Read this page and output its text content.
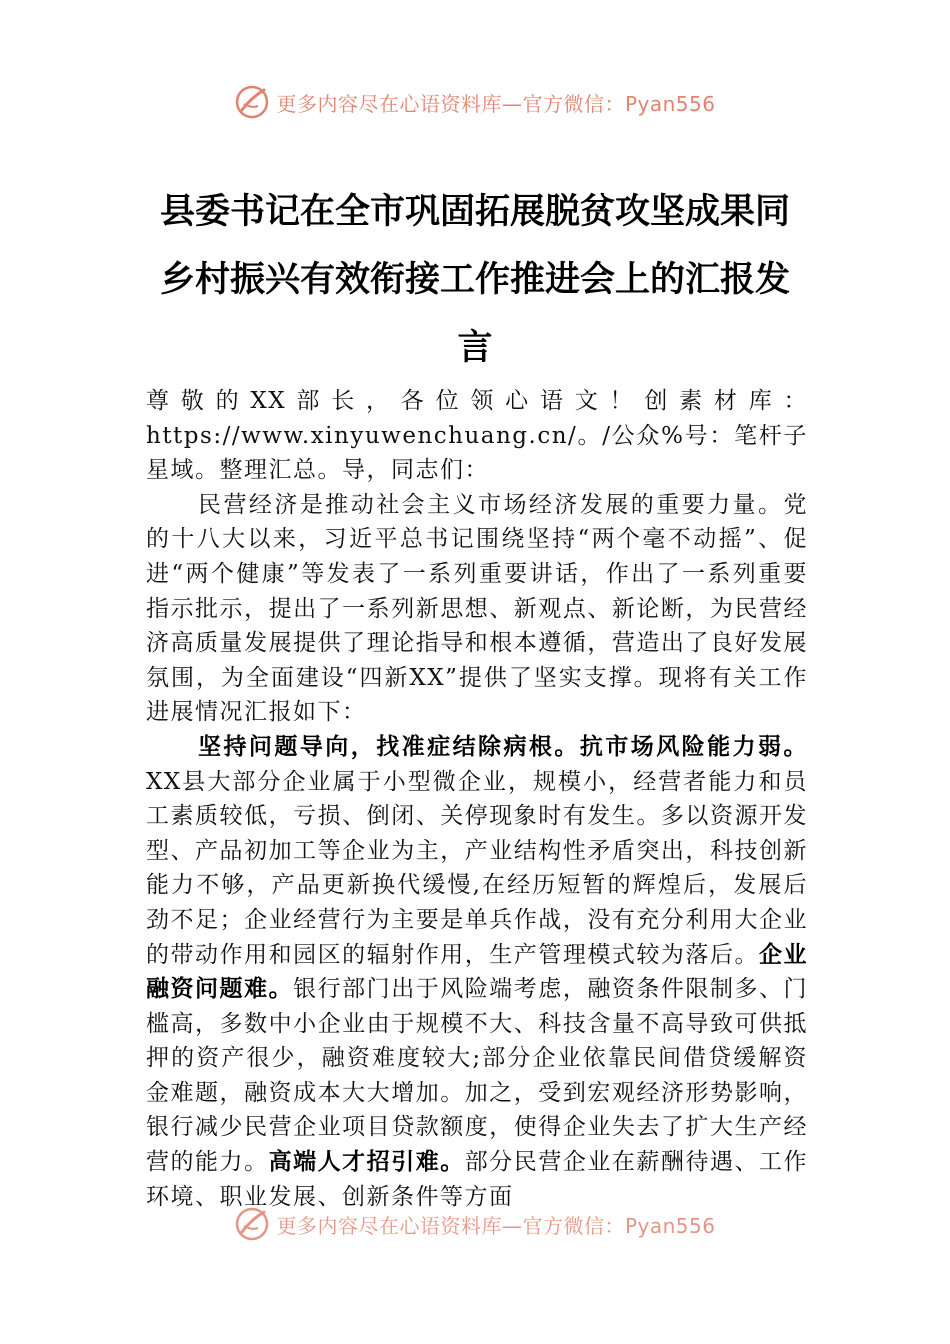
更多内容尽在心语资料库—官方微信：Pyan556
县委书记在全市巩固拓展脱贫攻坚成果同
乡村振兴有效衔接工作推进会上的汇报发
言

尊敬的XX部长，各位领心语文！创素材库：https://www.xinyuwenchuang.cn/。/公众%号：笔杆子星域。整理汇总。导，同志们：

民营经济是推动社会主义市场经济发展的重要力量。党的十八大以来，习近平总书记围绕坚持“两个毫不动摇”、促进“两个健康”等发表了一系列重要讲话，作出了一系列重要指示批示，提出了一系列新思想、新观点、新论断，为民营经济高质量发展提供了理论指导和根本遵循，营造出了良好发展氛围，为全面建设“四新XX”提供了坚实支撑。现将有关工作进展情况汇报如下：

坚持问题导向，找准症结除病根。抗市场风险能力弱。XX县大部分企业属于小型微企业，规模小，经营者能力和员工素质较低，亏损、倒闭、关停现象时有发生。多以资源开发型、产品初加工等企业为主，产业结构性矛盾突出，科技创新能力不够，产品更新换代缓慢,在经历短暂的辉煌后，发展后劲不足；企业经营行为主要是单兵作战，没有充分利用大企业的带动作用和园区的辐射作用，生产管理模式较为落后。企业融资问题难。银行部门出于风险端考虑，融资条件限制多、门槛高，多数中小企业由于规模不大、科技含量不高导致可供抵押的资产很少，融资难度较大;部分企业依靠民间借贷缓解资金难题，融资成本大大增加。加之，受到宏观经济形势影响，银行减少民营企业项目贷款额度，使得企业失去了扩大生产经营的能力。高端人才招引难。部分民营企业在薪酬待遇、工作环境、职业发展、创新条件等方面

更多内容尽在心语资料库—官方微信：Pyan556
